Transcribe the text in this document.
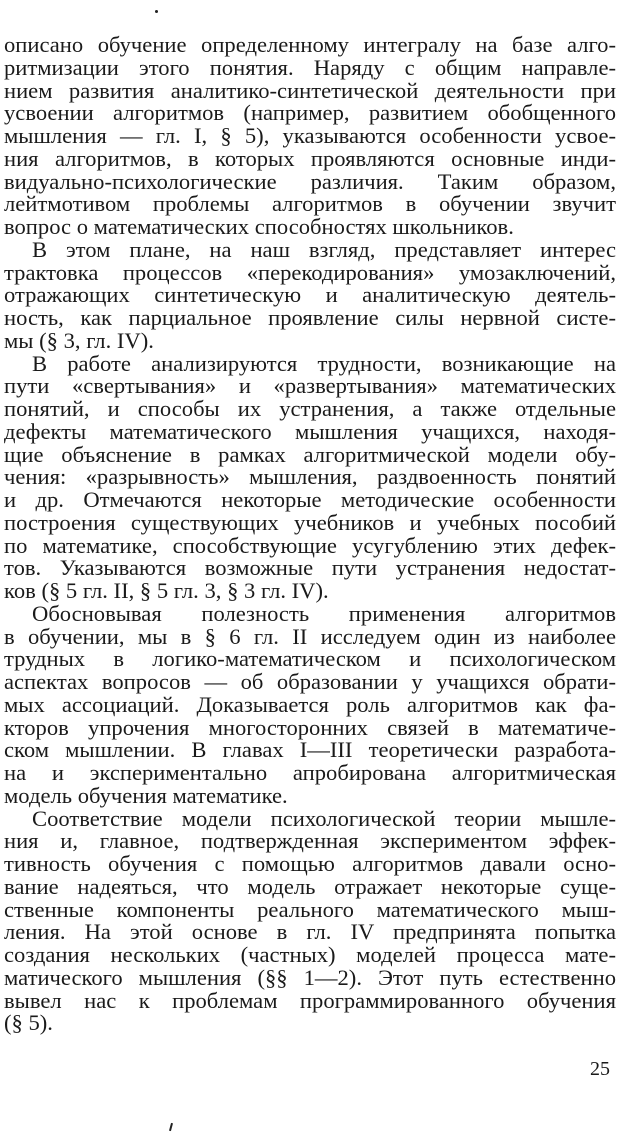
описано обучение определенному интегралу на базе алго-
ритмизации этого понятия. Наряду с общим направле-
нием развития аналитико-синтетической деятельности при
усвоении алгоритмов (например, развитием обобщенного
мышления — гл. I, § 5), указываются особенности усвое-
ния алгоритмов, в которых проявляются основные инди-
видуально-психологические различия. Таким образом,
лейтмотивом проблемы алгоритмов в обучении звучит
вопрос о математических способностях школьников.
В этом плане, на наш взгляд, представляет интерес
трактовка процессов «перекодирования» умозаключений,
отражающих синтетическую и аналитическую деятель-
ность, как парциальное проявление силы нервной систе-
мы (§ 3, гл. IV).
В работе анализируются трудности, возникающие на
пути «свертывания» и «развертывания» математических
понятий, и способы их устранения, а также отдельные
дефекты математического мышления учащихся, находя-
щие объяснение в рамках алгоритмической модели обу-
чения: «разрывность» мышления, раздвоенность понятий
и др. Отмечаются некоторые методические особенности
построения существующих учебников и учебных пособий
по математике, способствующие усугублению этих дефек-
тов. Указываются возможные пути устранения недостат-
ков (§ 5 гл. II, § 5 гл. 3, § 3 гл. IV).
Обосновывая полезность применения алгоритмов
в обучении, мы в § 6 гл. II исследуем один из наиболее
трудных в логико-математическом и психологическом
аспектах вопросов — об образовании у учащихся обрати-
мых ассоциаций. Доказывается роль алгоритмов как фа-
кторов упрочения многосторонних связей в математиче-
ском мышлении. В главах I—III теоретически разработа-
на и экспериментально апробирована алгоритмическая
модель обучения математике.
Соответствие модели психологической теории мышле-
ния и, главное, подтвержденная экспериментом эффек-
тивность обучения с помощью алгоритмов давали осно-
вание надеяться, что модель отражает некоторые суще-
ственные компоненты реального математического мыш-
ления. На этой основе в гл. IV предпринята попытка
создания нескольких (частных) моделей процесса мате-
матического мышления (§§ 1—2). Этот путь естественно
вывел нас к проблемам программированного обучения
(§ 5).
25
